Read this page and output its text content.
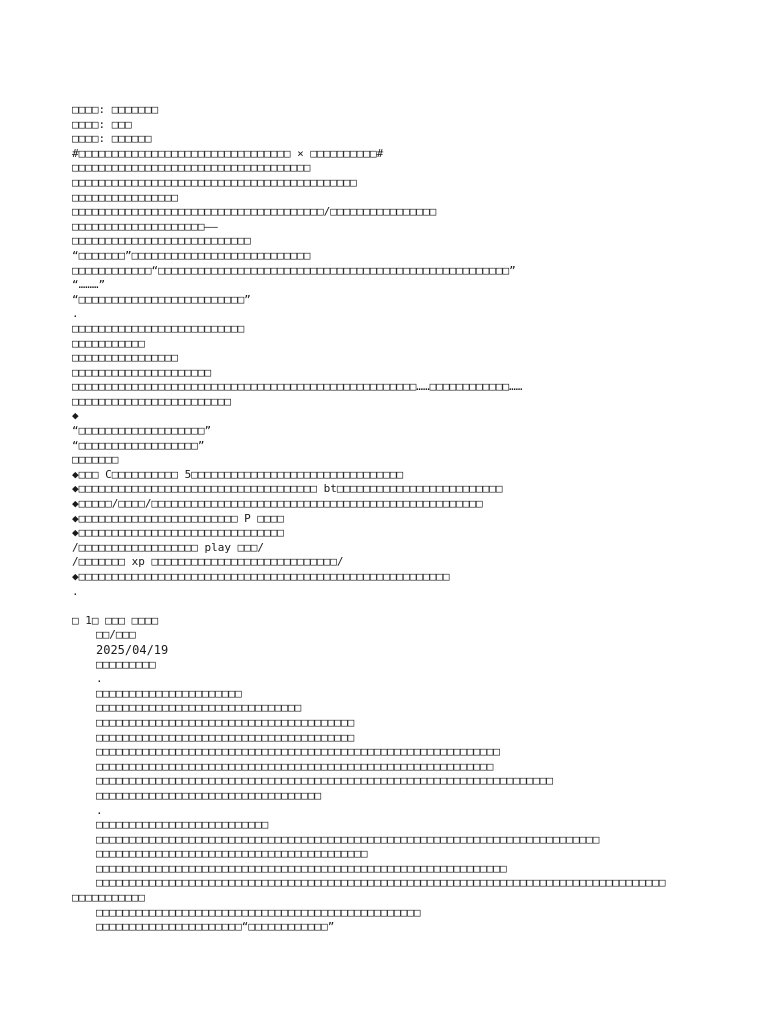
□□□□: □□□□□□□
□□□□: □□□
□□□□: □□□□□□
#□□□□□□□□□□□□□□□□□□□□□□□□□□□□□□□□ × □□□□□□□□□□#
□□□□□□□□□□□□□□□□□□□□□□□□□□□□□□□□□□□□
□□□□□□□□□□□□□□□□□□□□□□□□□□□□□□□□□□□□□□□□□□□
□□□□□□□□□□□□□□□□
□□□□□□□□□□□□□□□□□□□□□□□□□□□□□□□□□□□□□□/□□□□□□□□□□□□□□□□
□□□□□□□□□□□□□□□□□□□□——
□□□□□□□□□□□□□□□□□□□□□□□□□□□
“□□□□□□□”□□□□□□□□□□□□□□□□□□□□□□□□□□□
□□□□□□□□□□□□“□□□□□□□□□□□□□□□□□□□□□□□□□□□□□□□□□□□□□□□□□□□□□□□□□□□□□”
“………”
“□□□□□□□□□□□□□□□□□□□□□□□□□”
.
□□□□□□□□□□□□□□□□□□□□□□□□□□
□□□□□□□□□□□
□□□□□□□□□□□□□□□□
□□□□□□□□□□□□□□□□□□□□□
□□□□□□□□□□□□□□□□□□□□□□□□□□□□□□□□□□□□□□□□□□□□□□□□□□□□……□□□□□□□□□□□□……
□□□□□□□□□□□□□□□□□□□□□□□□
◆
“□□□□□□□□□□□□□□□□□□□”
“□□□□□□□□□□□□□□□□□□”
□□□□□□□
◆□□□ C□□□□□□□□□□ 5□□□□□□□□□□□□□□□□□□□□□□□□□□□□□□□□
◆□□□□□□□□□□□□□□□□□□□□□□□□□□□□□□□□□□□□ bt□□□□□□□□□□□□□□□□□□□□□□□□□
◆□□□□□/□□□□/□□□□□□□□□□□□□□□□□□□□□□□□□□□□□□□□□□□□□□□□□□□□□□□□□□
◆□□□□□□□□□□□□□□□□□□□□□□□□ P □□□□
◆□□□□□□□□□□□□□□□□□□□□□□□□□□□□□□□
/□□□□□□□□□□□□□□□□□□ play □□□/
/□□□□□□□ xp □□□□□□□□□□□□□□□□□□□□□□□□□□□□/
◆□□□□□□□□□□□□□□□□□□□□□□□□□□□□□□□□□□□□□□□□□□□□□□□□□□□□□□□□
.
□ 1□ □□□ □□□□
□□/□□□
2025/04/19
□□□□□□□□□
.
□□□□□□□□□□□□□□□□□□□□□□
□□□□□□□□□□□□□□□□□□□□□□□□□□□□□□□
□□□□□□□□□□□□□□□□□□□□□□□□□□□□□□□□□□□□□□□
□□□□□□□□□□□□□□□□□□□□□□□□□□□□□□□□□□□□□□□
□□□□□□□□□□□□□□□□□□□□□□□□□□□□□□□□□□□□□□□□□□□□□□□□□□□□□□□□□□□□□
□□□□□□□□□□□□□□□□□□□□□□□□□□□□□□□□□□□□□□□□□□□□□□□□□□□□□□□□□□□□
□□□□□□□□□□□□□□□□□□□□□□□□□□□□□□□□□□□□□□□□□□□□□□□□□□□□□□□□□□□□□□□□□□□□□
□□□□□□□□□□□□□□□□□□□□□□□□□□□□□□□□□□
.
□□□□□□□□□□□□□□□□□□□□□□□□□□
□□□□□□□□□□□□□□□□□□□□□□□□□□□□□□□□□□□□□□□□□□□□□□□□□□□□□□□□□□□□□□□□□□□□□□□□□□□□
□□□□□□□□□□□□□□□□□□□□□□□□□□□□□□□□□□□□□□□□□
□□□□□□□□□□□□□□□□□□□□□□□□□□□□□□□□□□□□□□□□□□□□□□□□□□□□□□□□□□□□□□
□□□□□□□□□□□□□□□□□□□□□□□□□□□□□□□□□□□□□□□□□□□□□□□□□□□□□□□□□□□□□□□□□□□□□□□□□□□□□□□□□□□□□□
□□□□□□□□□□□
□□□□□□□□□□□□□□□□□□□□□□□□□□□□□□□□□□□□□□□□□□□□□□□□□
□□□□□□□□□□□□□□□□□□□□□□“□□□□□□□□□□□□”
